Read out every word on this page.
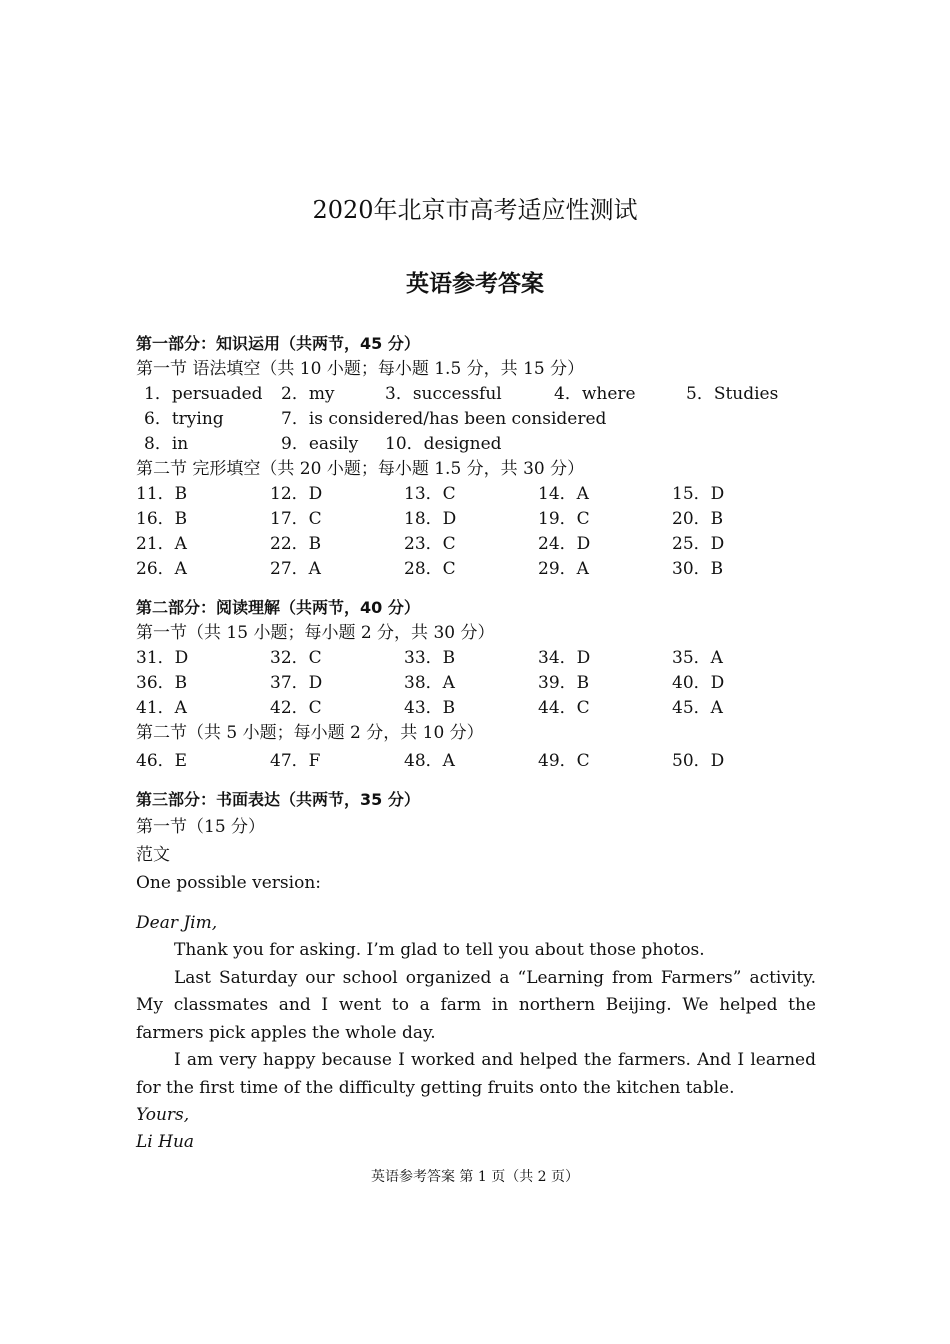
2020年北京市高考适应性测试
英语参考答案
第一部分：知识运用（共两节，45 分）
第一节 语法填空（共 10 小题；每小题 1.5 分，共 15 分）
1．persuaded	2．my	3．successful	4．where	5．Studies
6．trying	7．is considered/has been considered
8．in	9．easily	10．designed
第二节 完形填空（共 20 小题；每小题 1.5 分，共 30 分）
11．B	12．D	13．C	14．A	15．D
16．B	17．C	18．D	19．C	20．B
21．A	22．B	23．C	24．D	25．D
26．A	27．A	28．C	29．A	30．B
第二部分：阅读理解（共两节，40 分）
第一节（共 15 小题；每小题 2 分，共 30 分）
31．D	32．C	33．B	34．D	35．A
36．B	37．D	38．A	39．B	40．D
41．A	42．C	43．B	44．C	45．A
第二节（共 5 小题；每小题 2 分，共 10 分）
46．E	47．F	48．A	49．C	50．D
第三部分：书面表达（共两节，35 分）
第一节（15 分）
范文
One possible version:
Dear Jim,
Thank you for asking. I’m glad to tell you about those photos.
Last Saturday our school organized a “Learning from Farmers” activity. My classmates and I went to a farm in northern Beijing. We helped the farmers pick apples the whole day.
I am very happy because I worked and helped the farmers. And I learned for the first time of the difficulty getting fruits onto the kitchen table.
Yours,
Li Hua
英语参考答案 第 1 页（共 2 页）
